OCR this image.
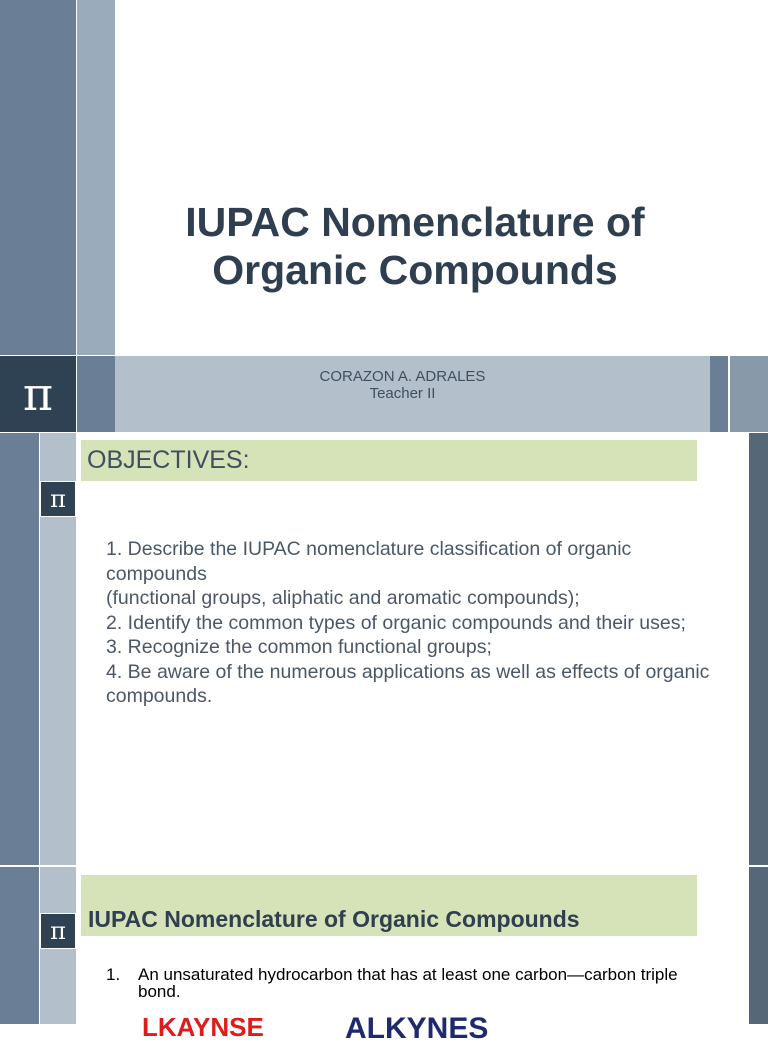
IUPAC Nomenclature of
Organic Compounds
π	CORAZON A. ADRALES
Teacher II
π
OBJECTIVES:
1. Describe the IUPAC nomenclature classification of organic compounds
(functional groups, aliphatic and aromatic compounds);
2. Identify the common types of organic compounds and their uses;
3. Recognize the common functional groups;
4. Be aware of the numerous applications as well as effects of organic compounds.
π IUPAC Nomenclature of Organic Compounds
1. An unsaturated hydrocarbon that has at least one carbon—carbon triple bond.
LKAYNSE	ALKYNES
